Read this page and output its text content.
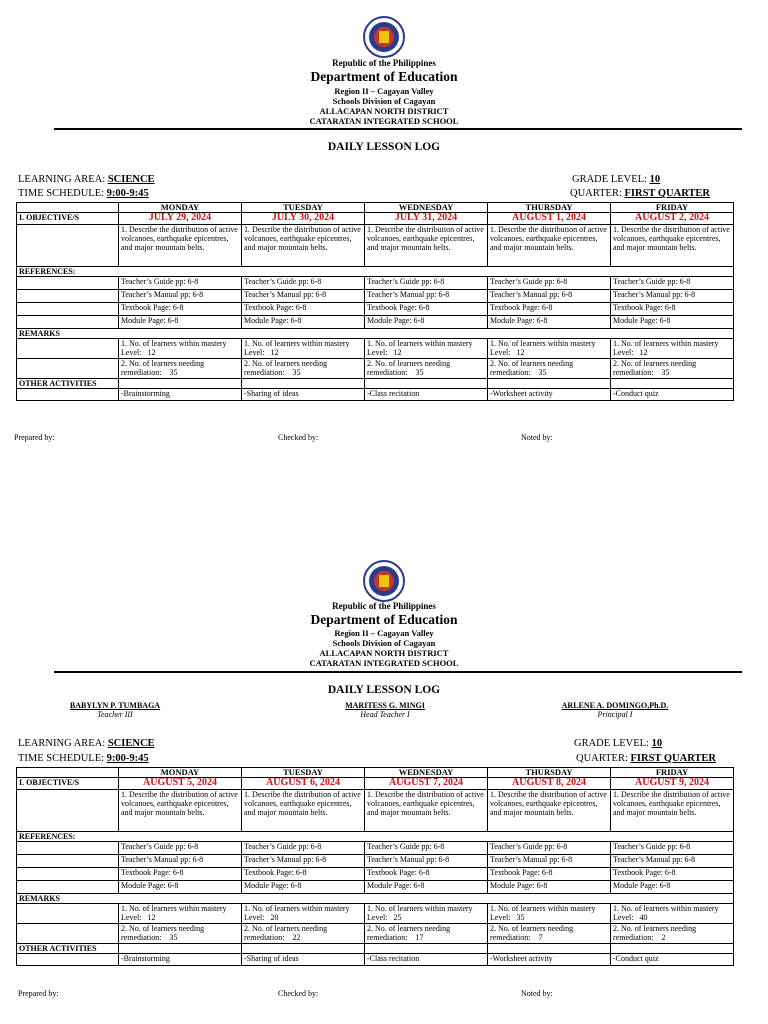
Republic of the Philippines
Department of Education
Region II – Cagayan Valley
Schools Division of Cagayan
ALLACAPAN NORTH DISTRICT
CATARATAN INTEGRATED SCHOOL
DAILY LESSON LOG
LEARNING AREA: SCIENCE
TIME SCHEDULE: 9:00-9:45
GRADE LEVEL: 10
QUARTER: FIRST QUARTER
	MONDAY	TUESDAY	WEDNESDAY	THURSDAY	FRIDAY
I. OBJECTIVE/S	JULY 29, 2024	JULY 30, 2024	JULY 31, 2024	AUGUST 1, 2024	AUGUST 2, 2024
	1. Describe the distribution of active volcanoes, earthquake epicentres, and major mountain belts.	1. Describe the distribution of active volcanoes, earthquake epicentres, and major mountain belts.	1. Describe the distribution of active volcanoes, earthquake epicentres, and major mountain belts.	1. Describe the distribution of active volcanoes, earthquake epicentres, and major mountain belts.	1. Describe the distribution of active volcanoes, earthquake epicentres, and major mountain belts.
REFERENCES:					
	Teacher’s Guide pp: 6-8	Teacher’s Guide pp: 6-8	Teacher’s Guide pp: 6-8	Teacher’s Guide pp: 6-8	Teacher’s Guide pp: 6-8
	Teacher’s Manual pp: 6-8	Teacher’s Manual pp: 6-8	Teacher’s Manual pp: 6-8	Teacher’s Manual pp: 6-8	Teacher’s Manual pp: 6-8
	Textbook Page: 6-8	Textbook Page: 6-8	Textbook Page: 6-8	Textbook Page: 6-8	Textbook Page: 6-8
	Module Page: 6-8	Module Page: 6-8	Module Page: 6-8	Module Page: 6-8	Module Page: 6-8
REMARKS					
	1. No. of learners within mastery Level: 12	1. No. of learners within mastery Level: 12	1. No. of learners within mastery Level: 12	1. No. of learners within mastery Level: 12	1. No. of learners within mastery Level: 12
	2. No. of learners needing remediation: 35	2. No. of learners needing remediation: 35	2. No. of learners needing remediation: 35	2. No. of learners needing remediation: 35	2. No. of learners needing remediation: 35
OTHER ACTIVITIES					
	-Brainstorming	-Sharing of ideas	-Class recitation	-Worksheet activity	-Conduct quiz
Prepared by:	Checked by:	Noted by:
Republic of the Philippines
Department of Education
Region II – Cagayan Valley
Schools Division of Cagayan
ALLACAPAN NORTH DISTRICT
CATARATAN INTEGRATED SCHOOL
DAILY LESSON LOG
BABYLYN P. TUMBAGA
Teacher III
MARITESS G. MINGI
Head Teacher I
ARLENE A. DOMINGO,Ph.D.
Principal I
LEARNING AREA: SCIENCE
TIME SCHEDULE: 9:00-9:45
GRADE LEVEL: 10
QUARTER: FIRST QUARTER
	MONDAY	TUESDAY	WEDNESDAY	THURSDAY	FRIDAY
I. OBJECTIVE/S	AUGUST 5, 2024	AUGUST 6, 2024	AUGUST 7, 2024	AUGUST 8, 2024	AUGUST 9, 2024
	1. Describe the distribution of active volcanoes, earthquake epicentres, and major mountain belts.	1. Describe the distribution of active volcanoes, earthquake epicentres, and major mountain belts.	1. Describe the distribution of active volcanoes, earthquake epicentres, and major mountain belts.	1. Describe the distribution of active volcanoes, earthquake epicentres, and major mountain belts.	1. Describe the distribution of active volcanoes, earthquake epicentres, and major mountain belts.
REFERENCES:					
	Teacher’s Guide pp: 6-8	Teacher’s Guide pp: 6-8	Teacher’s Guide pp: 6-8	Teacher’s Guide pp: 6-8	Teacher’s Guide pp: 6-8
	Teacher’s Manual pp: 6-8	Teacher’s Manual pp: 6-8	Teacher’s Manual pp: 6-8	Teacher’s Manual pp: 6-8	Teacher’s Manual pp: 6-8
	Textbook Page: 6-8	Textbook Page: 6-8	Textbook Page: 6-8	Textbook Page: 6-8	Textbook Page: 6-8
	Module Page: 6-8	Module Page: 6-8	Module Page: 6-8	Module Page: 6-8	Module Page: 6-8
REMARKS					
	1. No. of learners within mastery Level: 12	1. No. of learners within mastery Level: 20	1. No. of learners within mastery Level: 25	1. No. of learners within mastery Level: 35	1. No. of learners within mastery Level: 40
	2. No. of learners needing remediation: 35	2. No. of learners needing remediation: 22	2. No. of learners needing remediation: 17	2. No. of learners needing remediation: 7	2. No. of learners needing remediation: 2
OTHER ACTIVITIES					
	-Brainstorming	-Sharing of ideas	-Class recitation	-Worksheet activity	-Conduct quiz
Prepared by:	Checked by:	Noted by:
